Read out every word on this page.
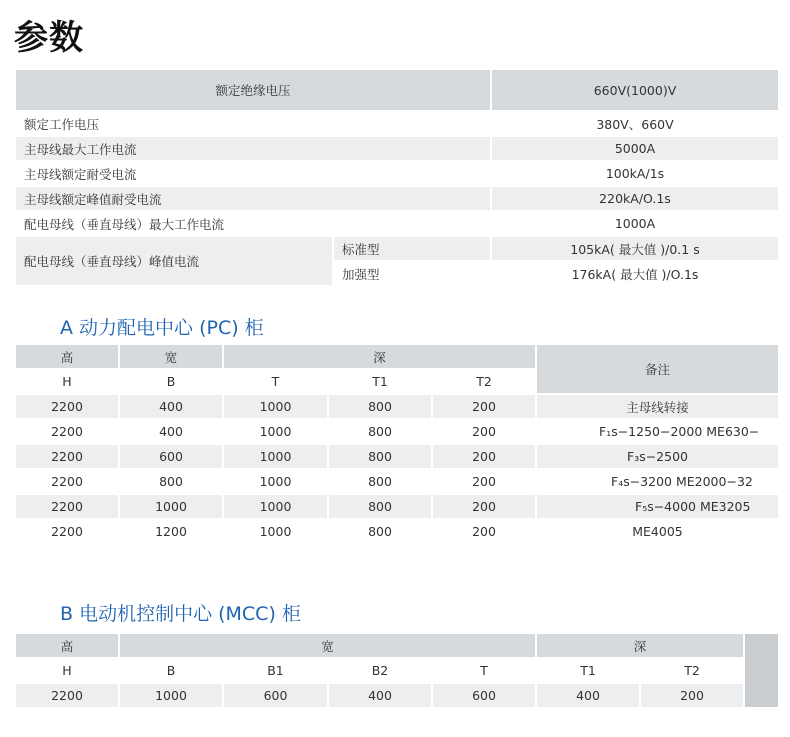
参数
额定绝缘电压		660V(1000)V
额定工作电压		380V、660V
主母线最大工作电流		5000A
主母线额定耐受电流		100kA/1s
主母线额定峰值耐受电流		220kA/O.1s
配电母线（垂直母线）最大工作电流		1000A
配电母线（垂直母线）峰值电流	标准型	105kA( 最大值 )/0.1 s
	加强型	176kA( 最大值 )/O.1s
A 动力配电中心 (PC) 柜
高	宽	深			备注
H	B	T	T1	T2	
2200	400	1000	800	200	主母线转接
2200	400	1000	800	200	F₁s−1250−2000 ME630−
2200	600	1000	800	200	F₃s−2500
2200	800	1000	800	200	F₄s−3200 ME2000−32
2200	1000	1000	800	200	F₅s−4000 ME3205
2200	1200	1000	800	200	ME4005
B 电动机控制中心 (MCC) 柜
高	宽				深		
H	B	B1	B2	T	T1	T2	
2200	1000	600	400	600	400	200	
